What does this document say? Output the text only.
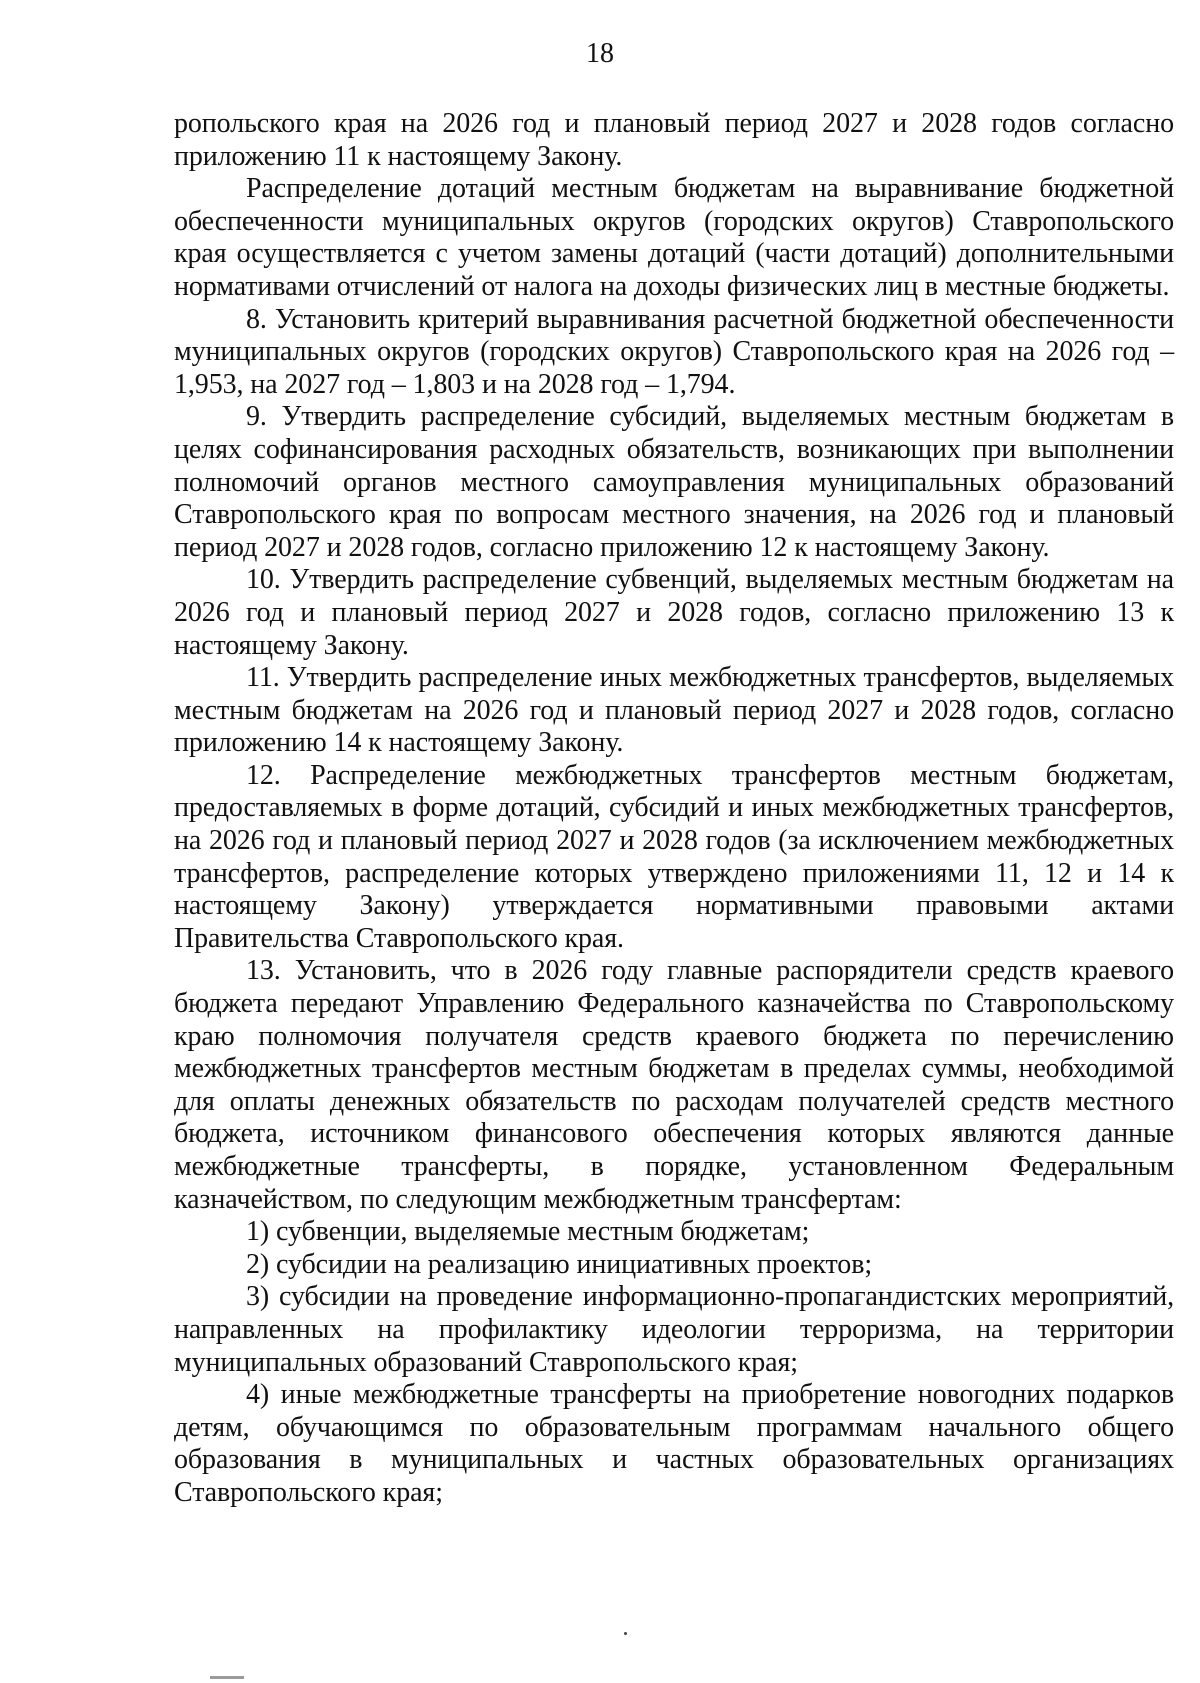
18

ропольского края на 2026 год и плановый период 2027 и 2028 годов согласно приложению 11 к настоящему Закону.

Распределение дотаций местным бюджетам на выравнивание бюджетной обеспеченности муниципальных округов (городских округов) Ставропольского края осуществляется с учетом замены дотаций (части дотаций) дополнительными нормативами отчислений от налога на доходы физических лиц в местные бюджеты.

8. Установить критерий выравнивания расчетной бюджетной обеспеченности муниципальных округов (городских округов) Ставропольского края на 2026 год – 1,953, на 2027 год – 1,803 и на 2028 год – 1,794.

9. Утвердить распределение субсидий, выделяемых местным бюджетам в целях софинансирования расходных обязательств, возникающих при выполнении полномочий органов местного самоуправления муниципальных образований Ставропольского края по вопросам местного значения, на 2026 год и плановый период 2027 и 2028 годов, согласно приложению 12 к настоящему Закону.

10. Утвердить распределение субвенций, выделяемых местным бюджетам на 2026 год и плановый период 2027 и 2028 годов, согласно приложению 13 к настоящему Закону.

11. Утвердить распределение иных межбюджетных трансфертов, выделяемых местным бюджетам на 2026 год и плановый период 2027 и 2028 годов, согласно приложению 14 к настоящему Закону.

12. Распределение межбюджетных трансфертов местным бюджетам, предоставляемых в форме дотаций, субсидий и иных межбюджетных трансфертов, на 2026 год и плановый период 2027 и 2028 годов (за исключением межбюджетных трансфертов, распределение которых утверждено приложениями 11, 12 и 14 к настоящему Закону) утверждается нормативными правовыми актами Правительства Ставропольского края.

13. Установить, что в 2026 году главные распорядители средств краевого бюджета передают Управлению Федерального казначейства по Ставропольскому краю полномочия получателя средств краевого бюджета по перечислению межбюджетных трансфертов местным бюджетам в пределах суммы, необходимой для оплаты денежных обязательств по расходам получателей средств местного бюджета, источником финансового обеспечения которых являются данные межбюджетные трансферты, в порядке, установленном Федеральным казначейством, по следующим межбюджетным трансфертам:

1) субвенции, выделяемые местным бюджетам;

2) субсидии на реализацию инициативных проектов;

3) субсидии на проведение информационно-пропагандистских мероприятий, направленных на профилактику идеологии терроризма, на территории муниципальных образований Ставропольского края;

4) иные межбюджетные трансферты на приобретение новогодних подарков детям, обучающимся по образовательным программам начального общего образования в муниципальных и частных образовательных организациях Ставропольского края;
